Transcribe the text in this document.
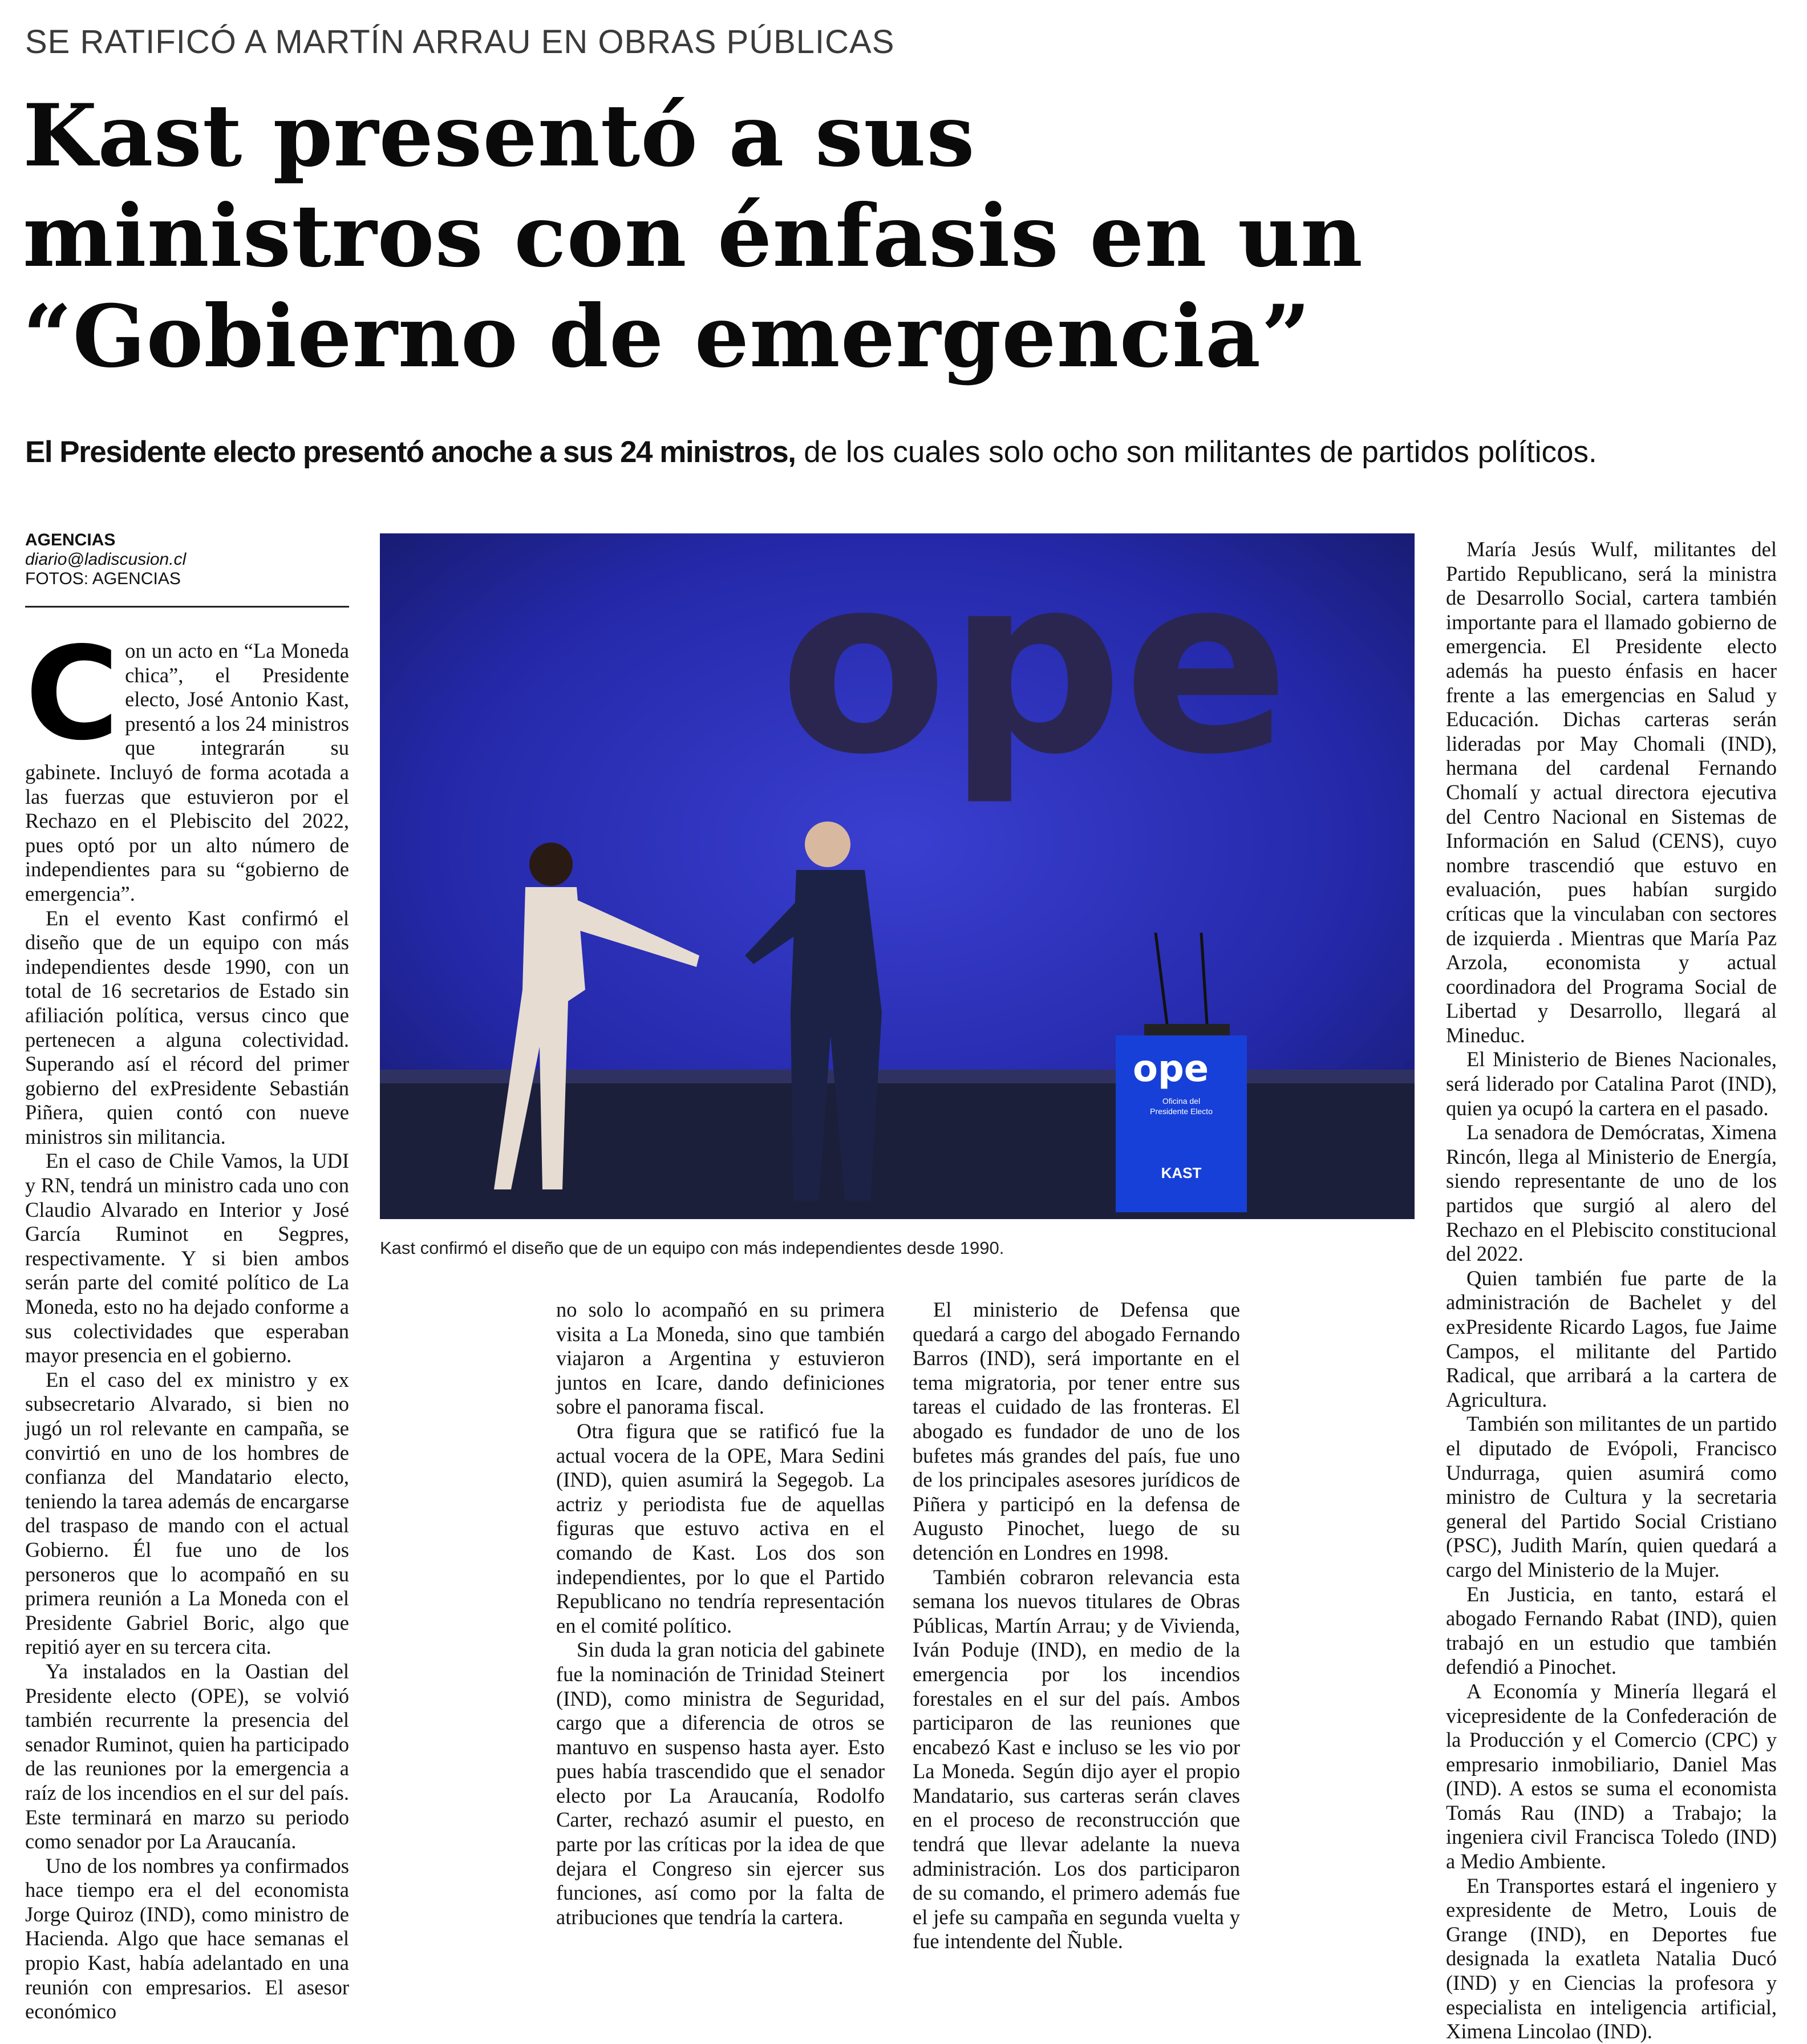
SE RATIFICÓ A MARTÍN ARRAU EN OBRAS PÚBLICAS
Kast presentó a sus
ministros con énfasis en un
“Gobierno de emergencia”
El Presidente electo presentó anoche a sus 24 ministros, de los cuales solo ocho son militantes de partidos políticos.
AGENCIAS
diario@ladiscusion.cl
FOTOS: AGENCIAS
C on un acto en “La Moneda chica”, el Presidente electo, José Antonio Kast, presentó a los 24 ministros que integrarán su gabinete. Incluyó de forma acotada a las fuerzas que estuvieron por el Rechazo en el Plebiscito del 2022, pues optó por un alto número de independientes para su “gobierno de emergencia”.

En el evento Kast confirmó el diseño que de un equipo con más independientes desde 1990, con un total de 16 secretarios de Estado sin afiliación política, versus cinco que pertenecen a alguna colectividad. Superando así el récord del primer gobierno del exPresidente Sebastián Piñera, quien contó con nueve ministros sin militancia.

En el caso de Chile Vamos, la UDI y RN, tendrá un ministro cada uno con Claudio Alvarado en Interior y José García Ruminot en Segpres, respectivamente. Y si bien ambos serán parte del comité político de La Moneda, esto no ha dejado conforme a sus colectividades que esperaban mayor presencia en el gobierno.

En el caso del ex ministro y ex subsecretario Alvarado, si bien no jugó un rol relevante en campaña, se convirtió en uno de los hombres de confianza del Mandatario electo, teniendo la tarea además de encargarse del traspaso de mando con el actual Gobierno. Él fue uno de los personeros que lo acompañó en su primera reunión a La Moneda con el Presidente Gabriel Boric, algo que repitió ayer en su tercera cita.

Ya instalados en la Oastian del Presidente electo (OPE), se volvió también recurrente la presencia del senador Ruminot, quien ha participado de las reuniones por la emergencia a raíz de los incendios en el sur del país. Este terminará en marzo su periodo como senador por La Araucanía.

Uno de los nombres ya confirmados hace tiempo era el del economista Jorge Quiroz (IND), como ministro de Hacienda. Algo que hace semanas el propio Kast, había adelantado en una reunión con empresarios. El asesor económico

ope
ope
Oficina del
Presidente Electo
KAST
Kast confirmó el diseño que de un equipo con más independientes desde 1990.

no solo lo acompañó en su primera visita a La Moneda, sino que también viajaron a Argentina y estuvieron juntos en Icare, dando definiciones sobre el panorama fiscal.

Otra figura que se ratificó fue la actual vocera de la OPE, Mara Sedini (IND), quien asumirá la Segegob. La actriz y periodista fue de aquellas figuras que estuvo activa en el comando de Kast. Los dos son independientes, por lo que el Partido Republicano no tendría representación en el comité político.

Sin duda la gran noticia del gabinete fue la nominación de Trinidad Steinert (IND), como ministra de Seguridad, cargo que a diferencia de otros se mantuvo en suspenso hasta ayer. Esto pues había trascendido que el senador electo por La Araucanía, Rodolfo Carter, rechazó asumir el puesto, en parte por las críticas por la idea de que dejara el Congreso sin ejercer sus funciones, así como por la falta de atribuciones que tendría la cartera.

El ministerio de Defensa que quedará a cargo del abogado Fernando Barros (IND), será importante en el tema migratoria, por tener entre sus tareas el cuidado de las fronteras. El abogado es fundador de uno de los bufetes más grandes del país, fue uno de los principales asesores jurídicos de Piñera y participó en la defensa de Augusto Pinochet, luego de su detención en Londres en 1998.

También cobraron relevancia esta semana los nuevos titulares de Obras Públicas, Martín Arrau; y de Vivienda, Iván Poduje (IND), en medio de la emergencia por los incendios forestales en el sur del país. Ambos participaron de las reuniones que encabezó Kast e incluso se les vio por La Moneda. Según dijo ayer el propio Mandatario, sus carteras serán claves en el proceso de reconstrucción que tendrá que llevar adelante la nueva administración. Los dos participaron de su comando, el primero además fue el jefe su campaña en segunda vuelta y fue intendente del Ñuble.

María Jesús Wulf, militantes del Partido Republicano, será la ministra de Desarrollo Social, cartera también importante para el llamado gobierno de emergencia. El Presidente electo además ha puesto énfasis en hacer frente a las emergencias en Salud y Educación. Dichas carteras serán lideradas por May Chomali (IND), hermana del cardenal Fernando Chomalí y actual directora ejecutiva del Centro Nacional en Sistemas de Información en Salud (CENS), cuyo nombre trascendió que estuvo en evaluación, pues habían surgido críticas que la vinculaban con sectores de izquierda . Mientras que María Paz Arzola, economista y actual coordinadora del Programa Social de Libertad y Desarrollo, llegará al Mineduc.

El Ministerio de Bienes Nacionales, será liderado por Catalina Parot (IND), quien ya ocupó la cartera en el pasado.

La senadora de Demócratas, Ximena Rincón, llega al Ministerio de Energía, siendo representante de uno de los partidos que surgió al alero del Rechazo en el Plebiscito constitucional del 2022.

Quien también fue parte de la administración de Bachelet y del exPresidente Ricardo Lagos, fue Jaime Campos, el militante del Partido Radical, que arribará a la cartera de Agricultura.

También son militantes de un partido el diputado de Evópoli, Francisco Undurraga, quien asumirá como ministro de Cultura y la secretaria general del Partido Social Cristiano (PSC), Judith Marín, quien quedará a cargo del Ministerio de la Mujer.

En Justicia, en tanto, estará el abogado Fernando Rabat (IND), quien trabajó en un estudio que también defendió a Pinochet.

A Economía y Minería llegará el vicepresidente de la Confederación de la Producción y el Comercio (CPC) y empresario inmobiliario, Daniel Mas (IND). A estos se suma el economista Tomás Rau (IND) a Trabajo; la ingeniera civil Francisca Toledo (IND) a Medio Ambiente.

En Transportes estará el ingeniero y expresidente de Metro, Louis de Grange (IND), en Deportes fue designada la exatleta Natalia Ducó (IND) y en Ciencias la profesora y especialista en inteligencia artificial, Ximena Lincolao (IND).
